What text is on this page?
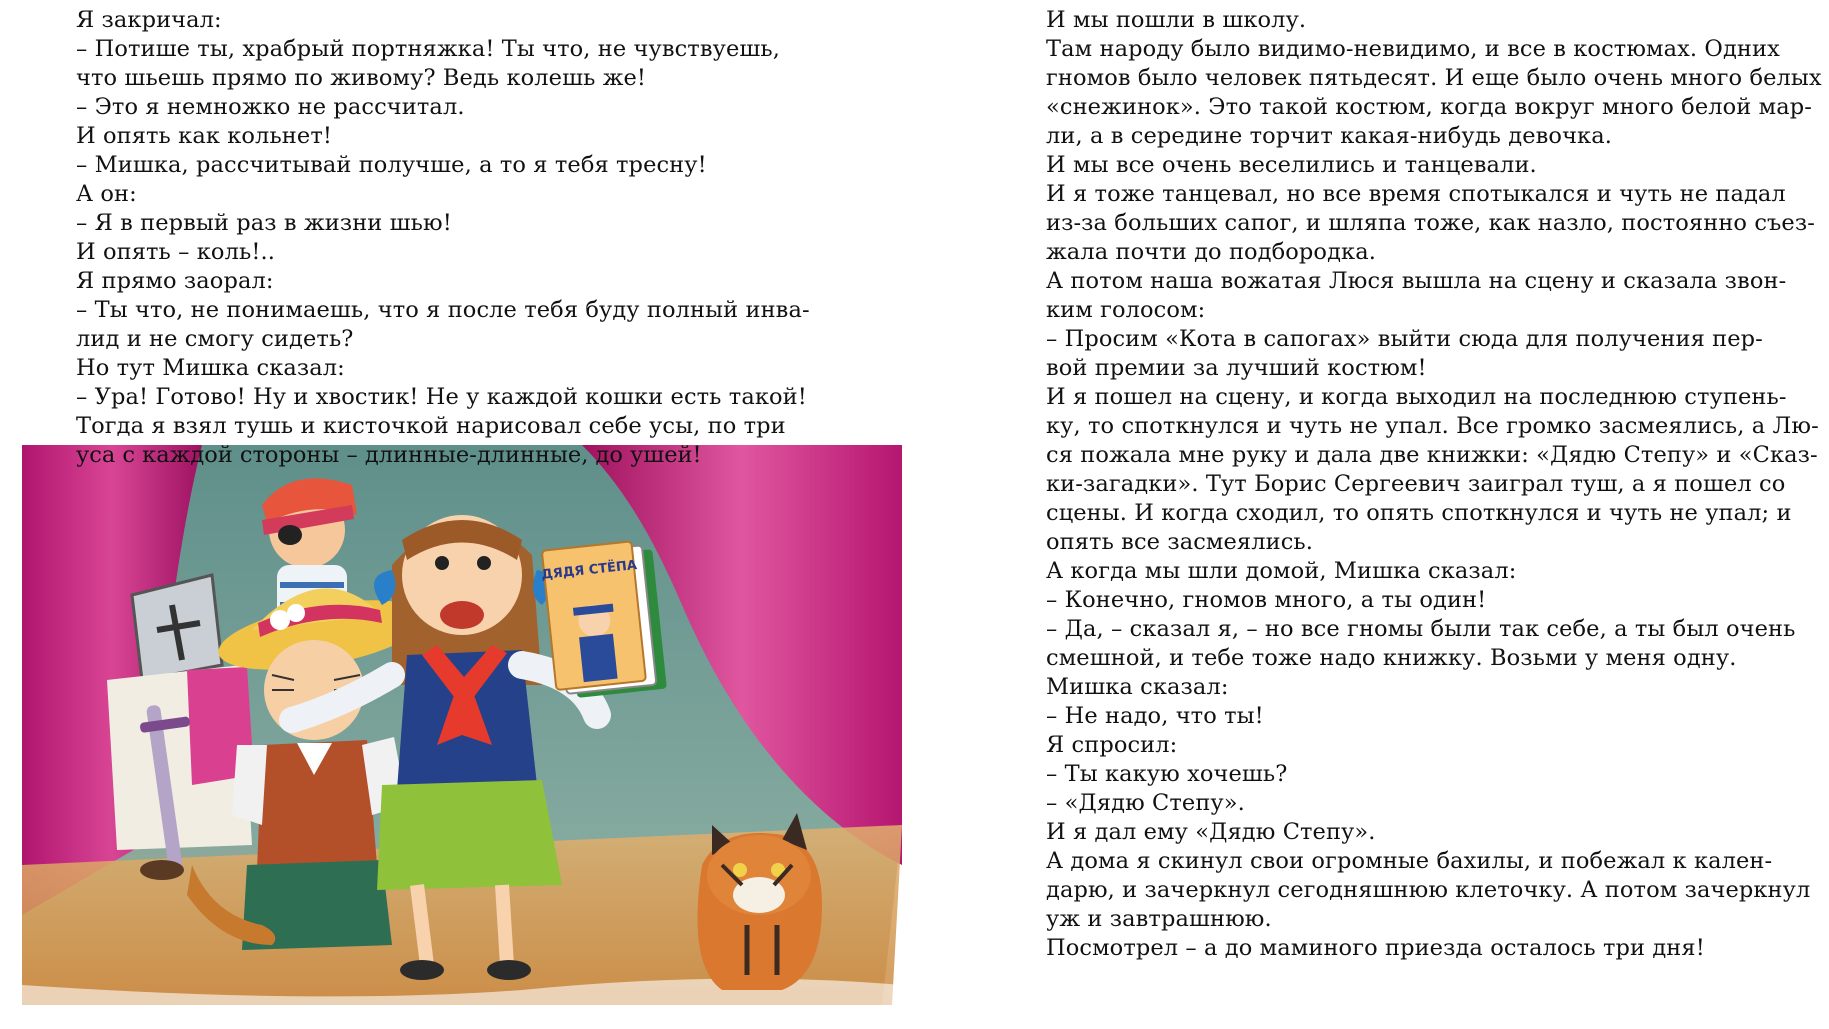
Я закричал:

– Потише ты, храбрый портняжка! Ты что, не чувствуешь,

что шьешь прямо по живому? Ведь колешь же!

– Это я немножко не рассчитал.

И опять как кольнет!

– Мишка, рассчитывай получше, а то я тебя тресну!

А он:

– Я в первый раз в жизни шью!

И опять – коль!..

Я прямо заорал:

– Ты что, не понимаешь, что я после тебя буду полный инва-

лид и не смогу сидеть?

Но тут Мишка сказал:

– Ура! Готово! Ну и хвостик! Не у каждой кошки есть такой!

Тогда я взял тушь и кисточкой нарисовал себе усы, по три

ДЯДЯ СТЁПА

уса с каждой стороны – длинные-длинные, до ушей!

И мы пошли в школу.

Там народу было видимо-невидимо, и все в костюмах. Одних

гномов было человек пятьдесят. И еще было очень много белых

«снежинок». Это такой костюм, когда вокруг много белой мар-

ли, а в середине торчит какая-нибудь девочка.

И мы все очень веселились и танцевали.

И я тоже танцевал, но все время спотыкался и чуть не падал

из-за больших сапог, и шляпа тоже, как назло, постоянно съез-

жала почти до подбородка.

А потом наша вожатая Люся вышла на сцену и сказала звон-

ким голосом:

– Просим «Кота в сапогах» выйти сюда для получения пер-

вой премии за лучший костюм!

И я пошел на сцену, и когда выходил на последнюю ступень-

ку, то споткнулся и чуть не упал. Все громко засмеялись, а Лю-

ся пожала мне руку и дала две книжки: «Дядю Степу» и «Сказ-

ки-загадки». Тут Борис Сергеевич заиграл туш, а я пошел со

сцены. И когда сходил, то опять споткнулся и чуть не упал; и

опять все засмеялись.

А когда мы шли домой, Мишка сказал:

– Конечно, гномов много, а ты один!

– Да, – сказал я, – но все гномы были так себе, а ты был очень

смешной, и тебе тоже надо книжку. Возьми у меня одну.

Мишка сказал:

– Не надо, что ты!

Я спросил:

– Ты какую хочешь?

– «Дядю Степу».

И я дал ему «Дядю Степу».

А дома я скинул свои огромные бахилы, и побежал к кален-

дарю, и зачеркнул сегодняшнюю клеточку. А потом зачеркнул

уж и завтрашнюю.

Посмотрел – а до маминого приезда осталось три дня!
